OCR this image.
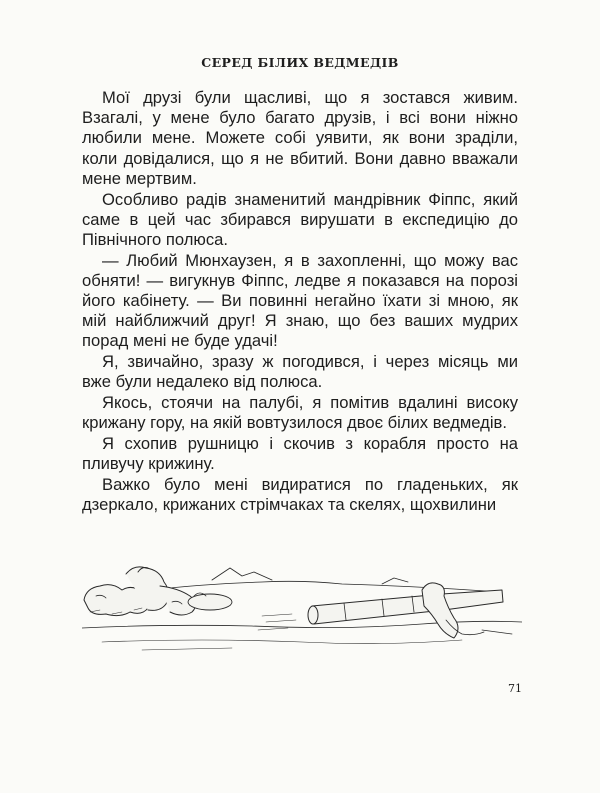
СЕРЕД БІЛИХ ВЕДМЕДІВ

Мої друзі були щасливі, що я зостався живим. Взагалі, у мене було багато друзів, і всі вони ніжно любили мене. Можете собі уявити, як вони зраділи, коли довідалися, що я не вбитий. Вони давно вважали мене мертвим.

Особливо радів знаменитий мандрівник Фіппс, який саме в цей час збирався вирушати в експедицію до Північного полюса.

— Любий Мюнхаузен, я в захопленні, що можу вас обняти! — вигукнув Фіппс, ледве я показався на порозі його кабінету. — Ви повинні негайно їхати зі мною, як мій найближчий друг! Я знаю, що без ваших мудрих порад мені не буде удачі!

Я, звичайно, зразу ж погодився, і через місяць ми вже були недалеко від полюса.

Якось, стоячи на палубі, я помітив вдалині високу крижану гору, на якій вовтузилося двоє білих ведмедів.

Я схопив рушницю і скочив з корабля просто на пливучу крижину.

Важко було мені видиратися по гладеньких, як дзеркало, крижаних стрімчаках та скелях, щохвилини

71
